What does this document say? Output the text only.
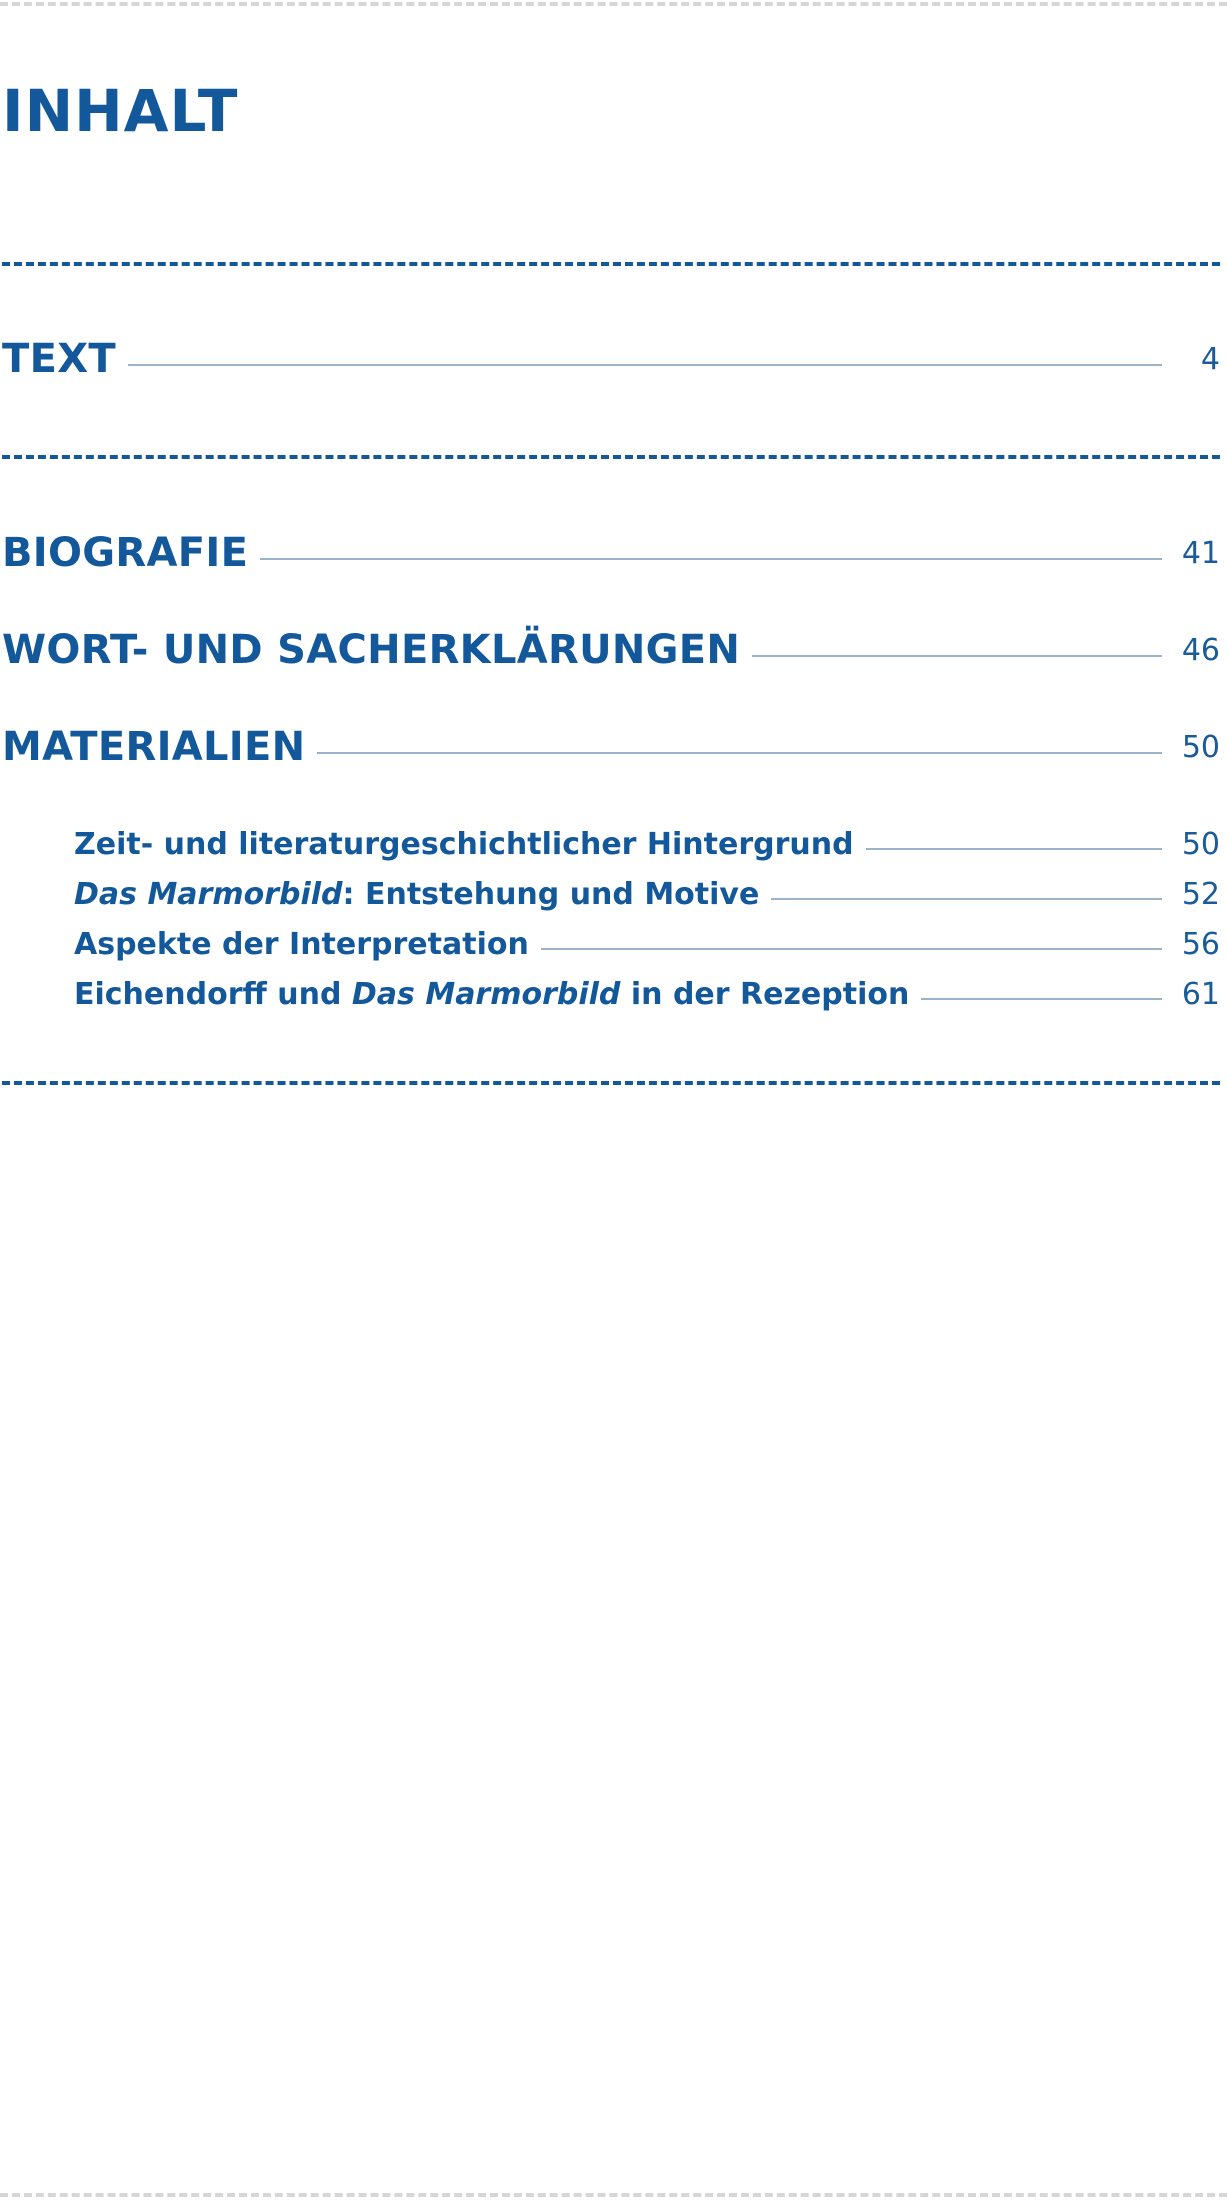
INHALT
TEXT	4
BIOGRAFIE	41
WORT- UND SACHERKLÄRUNGEN	46
MATERIALIEN	50
Zeit- und literaturgeschichtlicher Hintergrund	50
Das Marmorbild: Entstehung und Motive	52
Aspekte der Interpretation	56
Eichendorff und Das Marmorbild in der Rezeption	61
